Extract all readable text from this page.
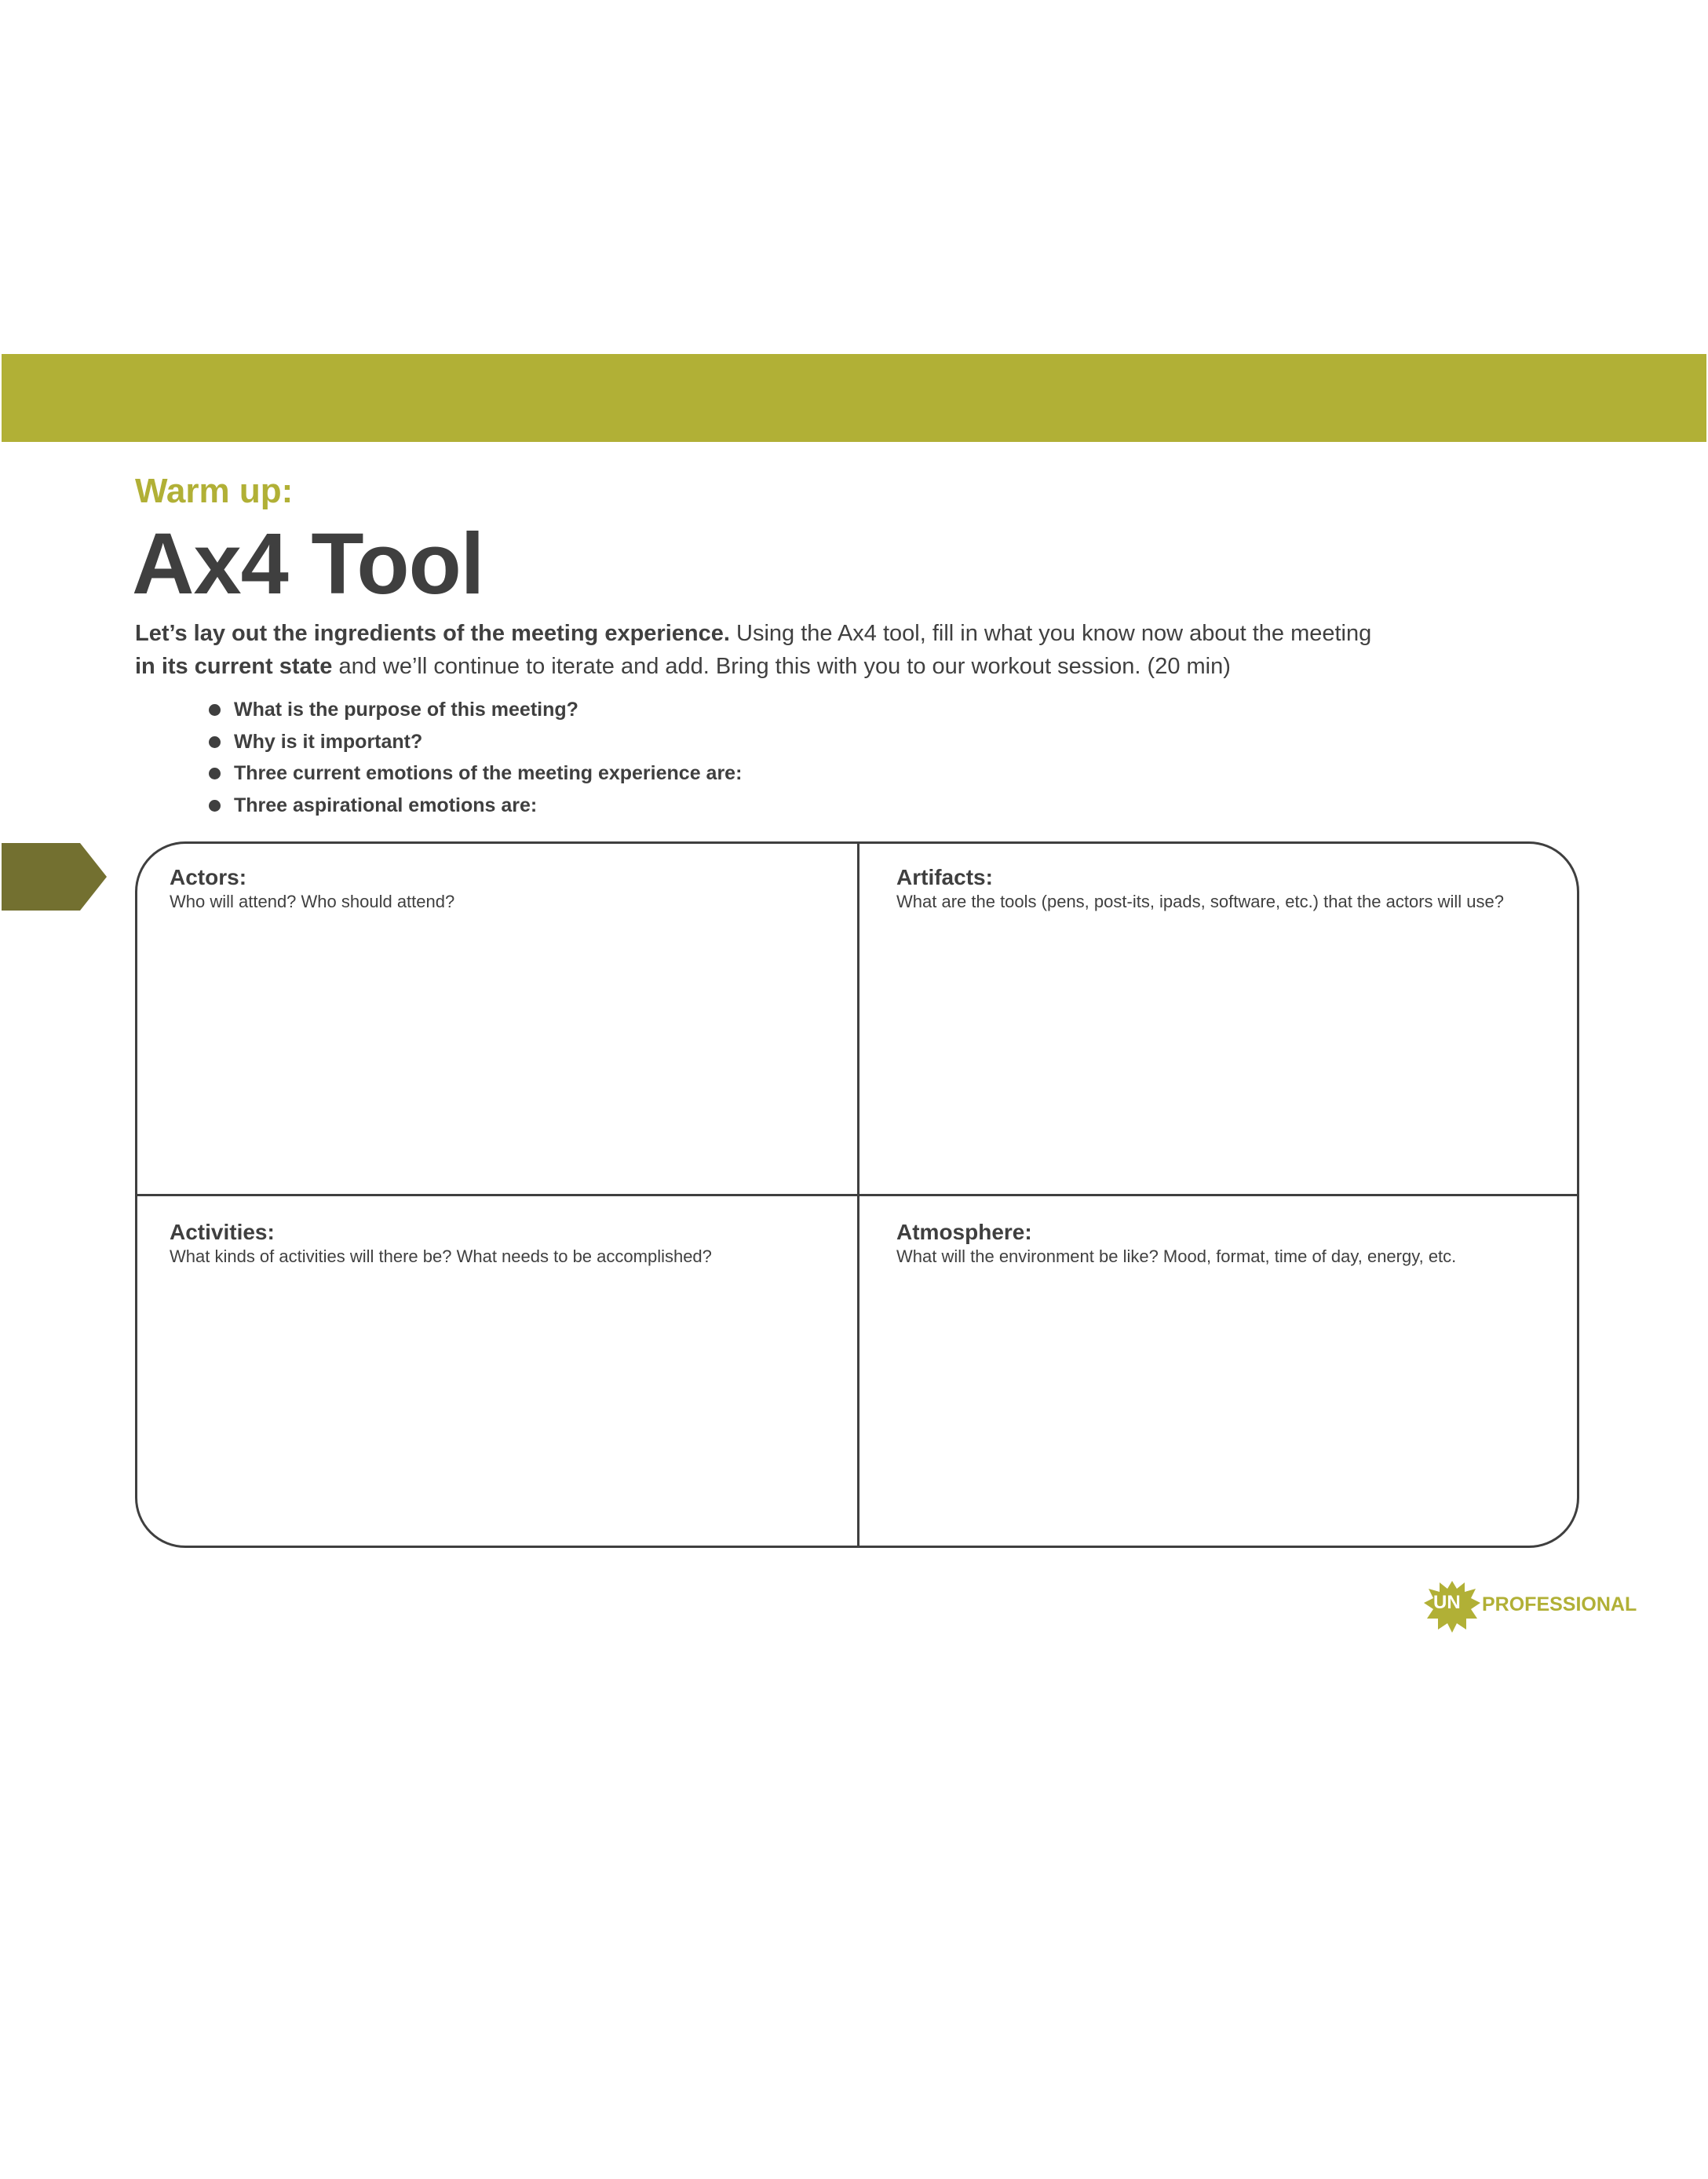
Warm up:
Ax4 Tool
Let’s lay out the ingredients of the meeting experience. Using the Ax4 tool, fill in what you know now about the meeting
in its current state and we’ll continue to iterate and add. Bring this with you to our workout session. (20 min)
What is the purpose of this meeting?
Why is it important?
Three current emotions of the meeting experience are:
Three aspirational emotions are:
Actors:
Who will attend? Who should attend?
Artifacts:
What are the tools (pens, post-its, ipads, software, etc.) that the actors will use?
Activities:
What kinds of activities will there be? What needs to be accomplished?
Atmosphere:
What will the environment be like? Mood, format, time of day, energy, etc.
UN PROFESSIONAL
